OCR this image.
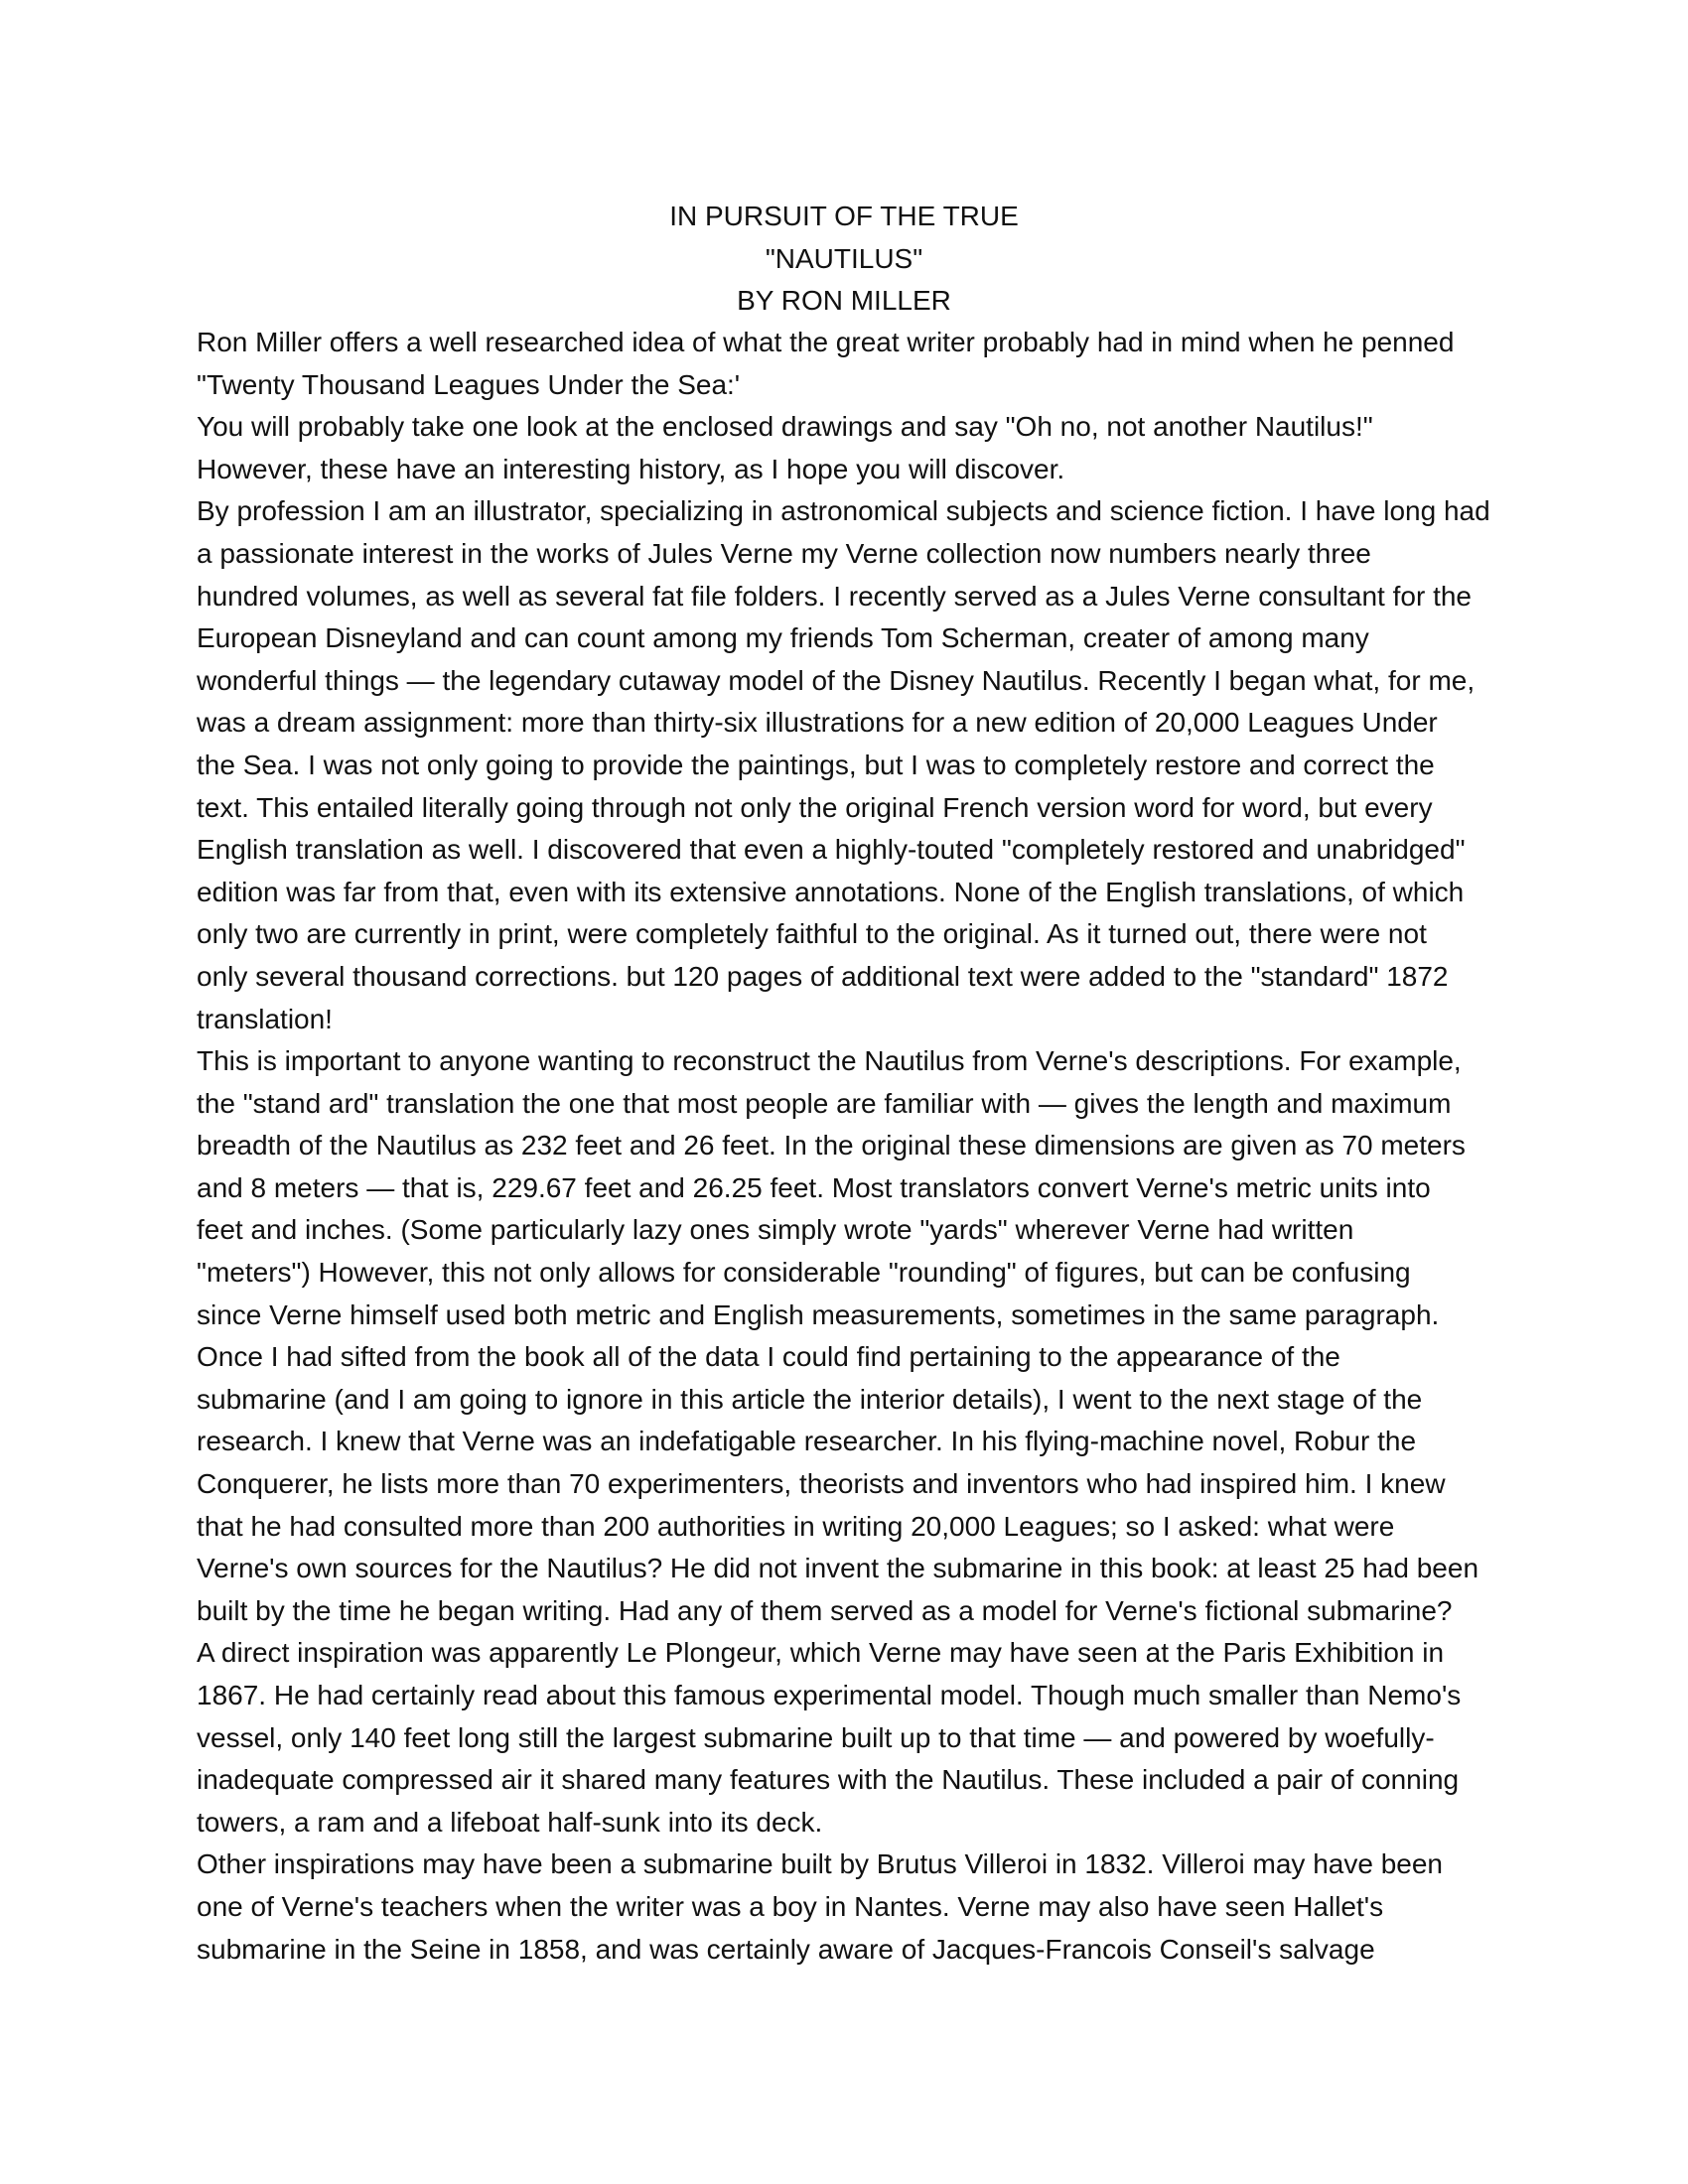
IN PURSUIT OF THE TRUE
"NAUTILUS"
BY RON MILLER
Ron Miller offers a well researched idea of what the great writer probably had in mind when he penned
"Twenty Thousand Leagues Under the Sea:'
You will probably take one look at the enclosed drawings and say "Oh no, not another Nautilus!"
However, these have an interesting history, as I hope you will discover.
By profession I am an illustrator, specializing in astronomical subjects and science fiction. I have long had
a passionate interest in the works of Jules Verne my Verne collection now numbers nearly three
hundred volumes, as well as several fat file folders. I recently served as a Jules Verne consultant for the
European Disneyland and can count among my friends Tom Scherman, creater of among many
wonderful things — the legendary cutaway model of the Disney Nautilus. Recently I began what, for me,
was a dream assignment: more than thirty-six illustrations for a new edition of 20,000 Leagues Under
the Sea. I was not only going to provide the paintings, but I was to completely restore and correct the
text. This entailed literally going through not only the original French version word for word, but every
English translation as well. I discovered that even a highly-touted "completely restored and unabridged"
edition was far from that, even with its extensive annotations. None of the English translations, of which
only two are currently in print, were completely faithful to the original. As it turned out, there were not
only several thousand corrections. but 120 pages of additional text were added to the "standard" 1872
translation!
This is important to anyone wanting to reconstruct the Nautilus from Verne's descriptions. For example,
the "stand ard" translation the one that most people are familiar with — gives the length and maximum
breadth of the Nautilus as 232 feet and 26 feet. In the original these dimensions are given as 70 meters
and 8 meters — that is, 229.67 feet and 26.25 feet. Most translators convert Verne's metric units into
feet and inches. (Some particularly lazy ones simply wrote "yards" wherever Verne had written
"meters") However, this not only allows for considerable "rounding" of figures, but can be confusing
since Verne himself used both metric and English measurements, sometimes in the same paragraph.
Once I had sifted from the book all of the data I could find pertaining to the appearance of the
submarine (and I am going to ignore in this article the interior details), I went to the next stage of the
research. I knew that Verne was an indefatigable researcher. In his flying-machine novel, Robur the
Conquerer, he lists more than 70 experimenters, theorists and inventors who had inspired him. I knew
that he had consulted more than 200 authorities in writing 20,000 Leagues; so I asked: what were
Verne's own sources for the Nautilus? He did not invent the submarine in this book: at least 25 had been
built by the time he began writing. Had any of them served as a model for Verne's fictional submarine?
A direct inspiration was apparently Le Plongeur, which Verne may have seen at the Paris Exhibition in
1867. He had certainly read about this famous experimental model. Though much smaller than Nemo's
vessel, only 140 feet long still the largest submarine built up to that time — and powered by woefully-
inadequate compressed air it shared many features with the Nautilus. These included a pair of conning
towers, a ram and a lifeboat half-sunk into its deck.
Other inspirations may have been a submarine built by Brutus Villeroi in 1832. Villeroi may have been
one of Verne's teachers when the writer was a boy in Nantes. Verne may also have seen Hallet's
submarine in the Seine in 1858, and was certainly aware of Jacques-Francois Conseil's salvage
